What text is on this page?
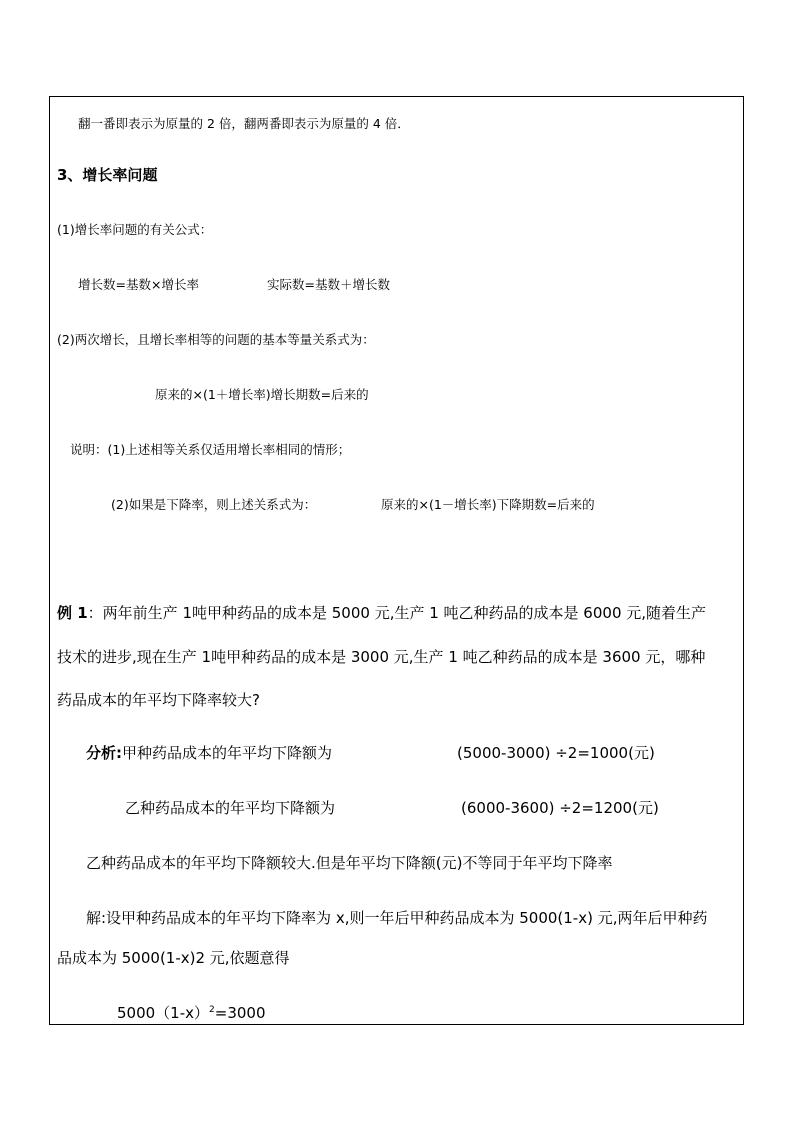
翻一番即表示为原量的 2 倍，翻两番即表示为原量的 4 倍．
3、增长率问题
(1)增长率问题的有关公式：
增长数=基数×增长率	实际数=基数＋增长数
(2)两次增长，且增长率相等的问题的基本等量关系式为：
原来的×(1＋增长率)增长期数=后来的
说明：(1)上述相等关系仅适用增长率相同的情形；
(2)如果是下降率，则上述关系式为：	原来的×(1－增长率)下降期数=后来的
例 1：两年前生产 1吨甲种药品的成本是 5000 元,生产 1 吨乙种药品的成本是 6000 元,随着生产
技术的进步,现在生产 1吨甲种药品的成本是 3000 元,生产 1 吨乙种药品的成本是 3600 元，哪种
药品成本的年平均下降率较大?
分析:甲种药品成本的年平均下降额为	(5000-3000) ÷2=1000(元)
乙种药品成本的年平均下降额为	(6000-3600) ÷2=1200(元)
乙种药品成本的年平均下降额较大.但是年平均下降额(元)不等同于年平均下降率
解:设甲种药品成本的年平均下降率为 x,则一年后甲种药品成本为 5000(1-x) 元,两年后甲种药
品成本为 5000(1-x)2 元,依题意得
$5000(1-x)^2=3000$
